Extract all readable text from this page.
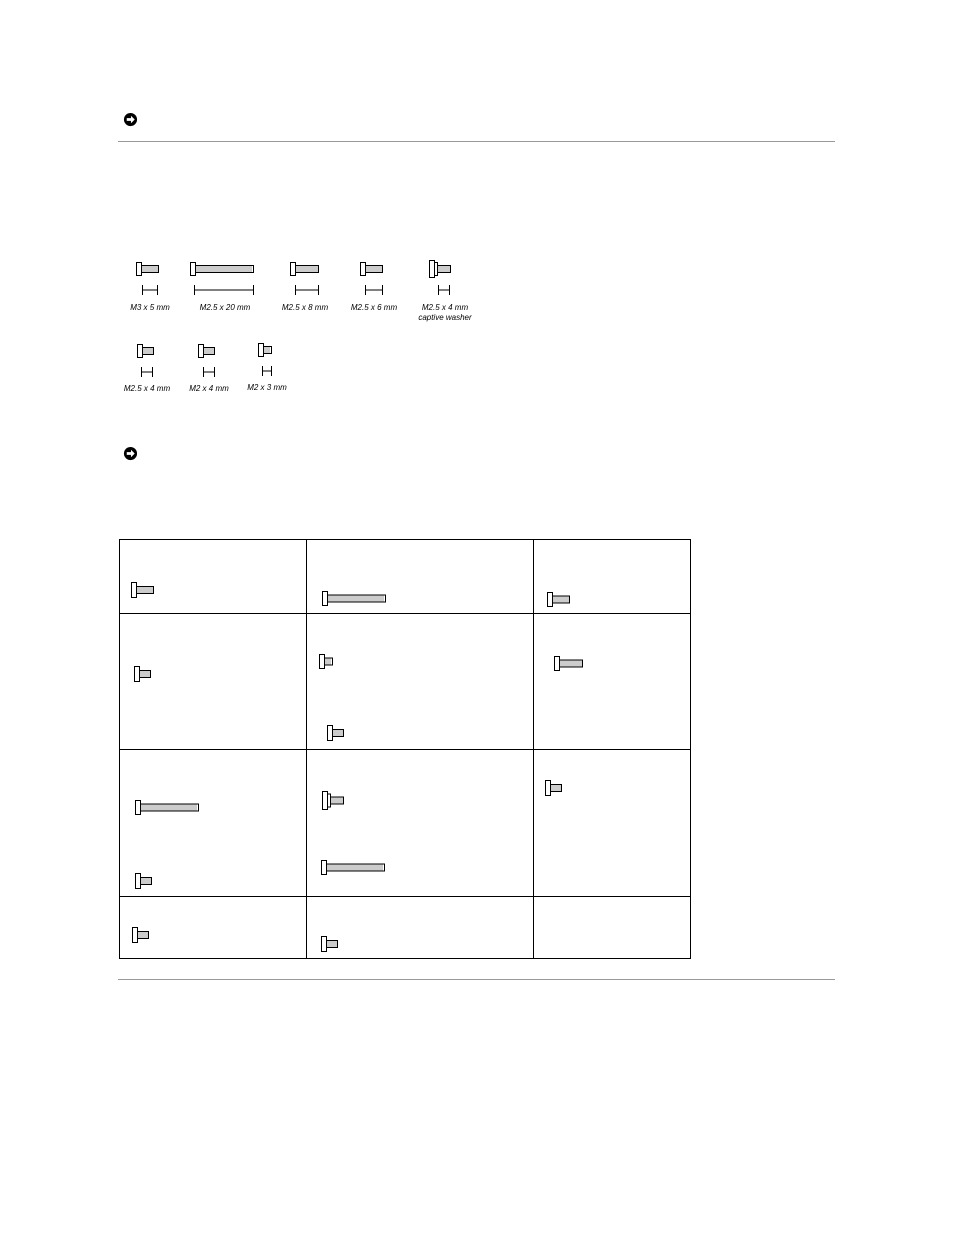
M3 x 5 mm	M2.5 x 20 mm	M2.5 x 8 mm	M2.5 x 6 mm	M2.5 x 4 mm
captive washer
M2.5 x 4 mm	M2 x 4 mm	M2 x 3 mm
